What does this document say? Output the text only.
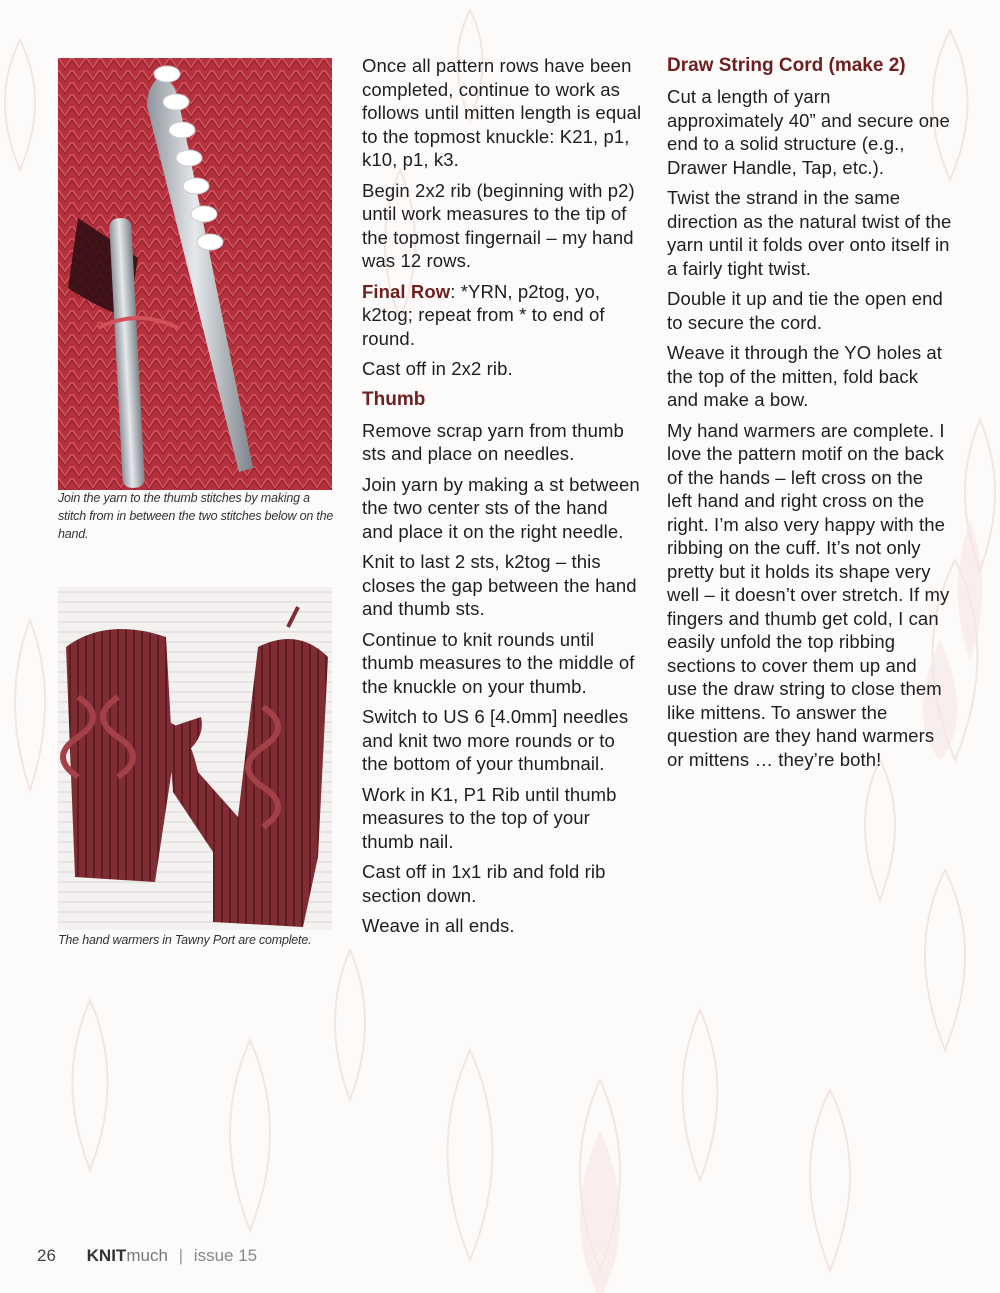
Join the yarn to the thumb stitches by making a stitch from in between the two stitches below on the hand.
The hand warmers in Tawny Port are complete.

Once all pattern rows have been completed, continue to work as follows until mitten length is equal to the topmost knuckle: K21, p1, k10, p1, k3.

Begin 2x2 rib (beginning with p2) until work measures to the tip of the topmost fingernail – my hand was 12 rows.

Final Row: *YRN, p2tog, yo, k2tog; repeat from * to end of round.

Cast off in 2x2 rib.

Thumb

Remove scrap yarn from thumb sts and place on needles.

Join yarn by making a st between the two center sts of the hand and place it on the right needle.

Knit to last 2 sts, k2tog – this closes the gap between the hand and thumb sts.

Continue to knit rounds until thumb measures to the middle of the knuckle on your thumb.

Switch to US 6 [4.0mm] needles and knit two more rounds or to the bottom of your thumbnail.

Work in K1, P1 Rib until thumb measures to the top of your thumb nail.

Cast off in 1x1 rib and fold rib section down.

Weave in all ends.

Draw String Cord (make 2)

Cut a length of yarn approximately 40” and secure one end to a solid structure (e.g., Drawer Handle, Tap, etc.).

Twist the strand in the same direction as the natural twist of the yarn until it folds over onto itself in a fairly tight twist.

Double it up and tie the open end to secure the cord.

Weave it through the YO holes at the top of the mitten, fold back and make a bow.

My hand warmers are complete. I love the pattern motif on the back of the hands – left cross on the left hand and right cross on the right. I’m also very happy with the ribbing on the cuff. It’s not only pretty but it holds its shape very well – it doesn’t over stretch. If my fingers and thumb get cold, I can easily unfold the top ribbing sections to cover them up and use the draw string to close them like mittens. To answer the question are they hand warmers or mittens … they’re both!

26 KNITmuch | issue 15
